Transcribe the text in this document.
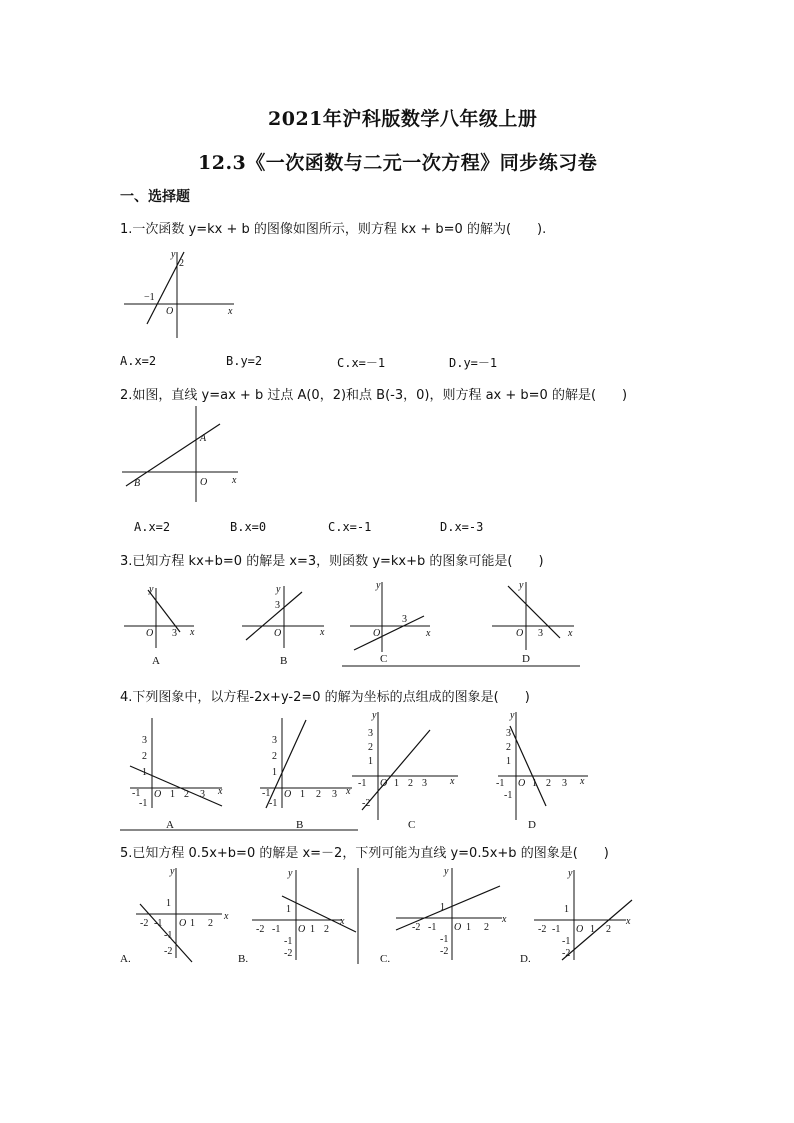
2021年沪科版数学八年级上册
12.3《一次函数与二元一次方程》同步练习卷
一、选择题
1.一次函数 y=kx + b 的图像如图所示，则方程 kx + b=0 的解为(　　).
y
2
−1
O	x
A.x=2	B.y=2	C.x=－1	D.y=－1
2.如图，直线 y=ax + b 过点 A(0，2)和点 B(-3，0)，则方程 ax + b=0 的解是(　　)
A
B	O x
A.x=2	B.x=0	C.x=-1	D.x=-3
3.已知方程 kx+b=0 的解是 x=3，则函数 y=kx+b 的图象可能是(　　)
y
O 3 x
A
y
3
O	x
B
y
3
O	x
C
y
O 3	x
D
4.下列图象中，以方程-2x+y-2=0 的解为坐标的点组成的图象是(　　)
3
2
1
-1
-1
O 1 2 3 x
A
3
2
1
-1
-1
O 1 2 3 x
B
y
3
2
1
-1
-2
O 1 2 3 x
C
y
3
2
1
-1
-1
O 1 2 3 x
D
5.已知方程 0.5x+b=0 的解是 x=－2，下列可能为直线 y=0.5x+b 的图象是(　　)
y
1
-2 -1 O 1 2
-1
-2
x
A.
y
1
-2 -1 O 1 2
-1
-2
x
B.
y
1
-2 -1 O 1 2
-1
-2
x
C.
y
1
-2 -1 O 1 2
-1
-2
x
D.
